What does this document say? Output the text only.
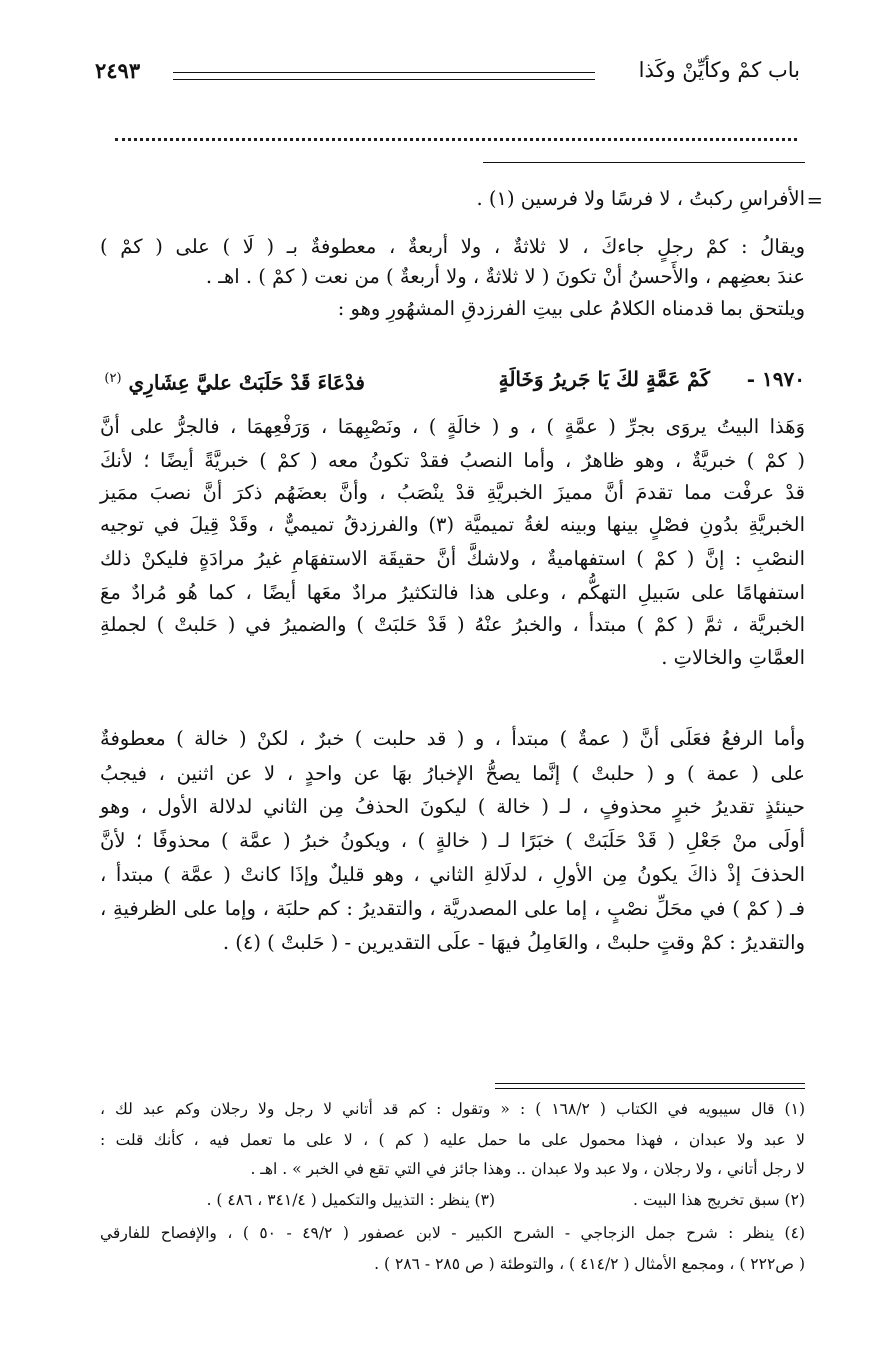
باب كمْ وكأيِّنْ وكَذا
٢٤٩٣
=
الأفراسِ ركبتُ ، لا فرسًا ولا فرسين (١) .
ويقالُ : كمْ رجلٍ جاءكَ ، لا ثلاثةٌ ، ولا أربعةٌ ، معطوفةٌ بـ ( لَا ) على ( كمْ )
عندَ بعضِهم ، والأَحسنُ أنْ تكونَ ( لا ثلاثةٌ ، ولا أربعةٌ ) من نعت ( كمْ ) . اهـ .
ويلتحق بما قدمناه الكلامُ على بيتِ الفرزدقِ المشهُورِ وهو :
١٩٧٠ -
كَمْ عَمَّةٍ لكَ يَا جَريرُ وَخَالَةٍ
فدْعَاءَ قَدْ حَلَبَتْ عليَّ عِشَارِي $^{(٢)}$
وَهَذا البيتُ يروَى بجرِّ ( عمَّةٍ ) ، و ( خالَةٍ ) ، ونَصْبِهمَا ، وَرَفْعِهمَا ، فالجرُّ على أنَّ
( كمْ ) خبريَّةٌ ، وهو ظاهرٌ ، وأما النصبُ فقدْ تكونُ معه ( كمْ ) خبريَّةً أيضًا ؛ لأنكَ
قدْ عرفْت مما تقدمَ أنَّ مميزَ الخبريَّةِ قدْ ينْصَبُ ، وأنَّ بعضَهُم ذكرَ أنَّ نصبَ ممَيز
الخبريَّةِ بدُونِ فصْلٍ بينها وبينه لغةُ تميميَّة (٣) والفرزدقُ تميميٌّ ، وقَدْ قِيلَ في توجيه
النصْبِ : إنَّ ( كمْ ) استفهاميةٌ ، ولاشكَّ أنَّ حقيقَة الاستفهَامِ غيرُ مرادَةٍ فليكنْ ذلك
استفهامًا على سَبيلِ التهكُّم ، وعلى هذا فالتكثيرُ مرادٌ معَها أيضًا ، كما هُو مُرادٌ معَ
الخبريَّة ، ثمَّ ( كمْ ) مبتدأ ، والخبرُ عنْهُ ( قَدْ حَلبَتْ ) والضميرُ في ( حَلبتْ ) لجملةِ
العمَّاتِ والخالاتِ .
وأما الرفعُ فعَلَى أنَّ ( عمةٌ ) مبتدأ ، و ( قد حلبت ) خبرٌ ، لكنْ ( خالة ) معطوفةٌ
على ( عمة ) و ( حلبتْ ) إنَّما يصحُّ الإخبارُ بهَا عن واحدٍ ، لا عن اثنين ، فيجبُ
حينئذٍ تقديرُ خبرٍ محذوفٍ ، لـ ( خالة ) ليكونَ الحذفُ مِن الثاني لدلالة الأول ، وهو
أولَى منْ جَعْلِ ( قَدْ حَلَبَتْ ) خبَرًا لـ ( خالةٍ ) ، ويكونُ خبرُ ( عمَّة ) محذوفًا ؛ لأنَّ
الحذفَ إذْ ذاكَ يكونُ مِن الأولِ ، لدلَالةِ الثاني ، وهو قليلٌ وإذَا كانتْ ( عمَّة ) مبتدأ ،
فـ ( كمْ ) في محَلِّ نصْبٍ ، إما على المصدريَّة ، والتقديرُ : كم حلبَة ، وإما على الظرفيةِ ،
والتقديرُ : كمْ وقتٍ حلبتْ ، والعَامِلُ فيهَا - علَى التقديرين - ( حَلبتْ ) (٤) .
(١) قال سيبويه في الكتاب ( ١٦٨/٢ ) : « وتقول : كم قد أتاني لا رجل ولا رجلان وكم عبد لك ،
لا عبد ولا عبدان ، فهذا محمول على ما حمل عليه ( كم ) ، لا على ما تعمل فيه ، كأنك قلت :
لا رجل أتاني ، ولا رجلان ، ولا عبد ولا عبدان .. وهذا جائز في التي تقع في الخبر » . اهـ .
(٢) سبق تخريج هذا البيت .
(٣) ينظر : التذييل والتكميل ( ٣٤١/٤ ، ٤٨٦ ) .
(٤) ينظر : شرح جمل الزجاجي - الشرح الكبير - لابن عصفور ( ٤٩/٢ - ٥٠ ) ، والإفصاح للفارقي
( ص٢٢٢ ) ، ومجمع الأمثال ( ٤١٤/٢ ) ، والتوطئة ( ص ٢٨٥ - ٢٨٦ ) .
